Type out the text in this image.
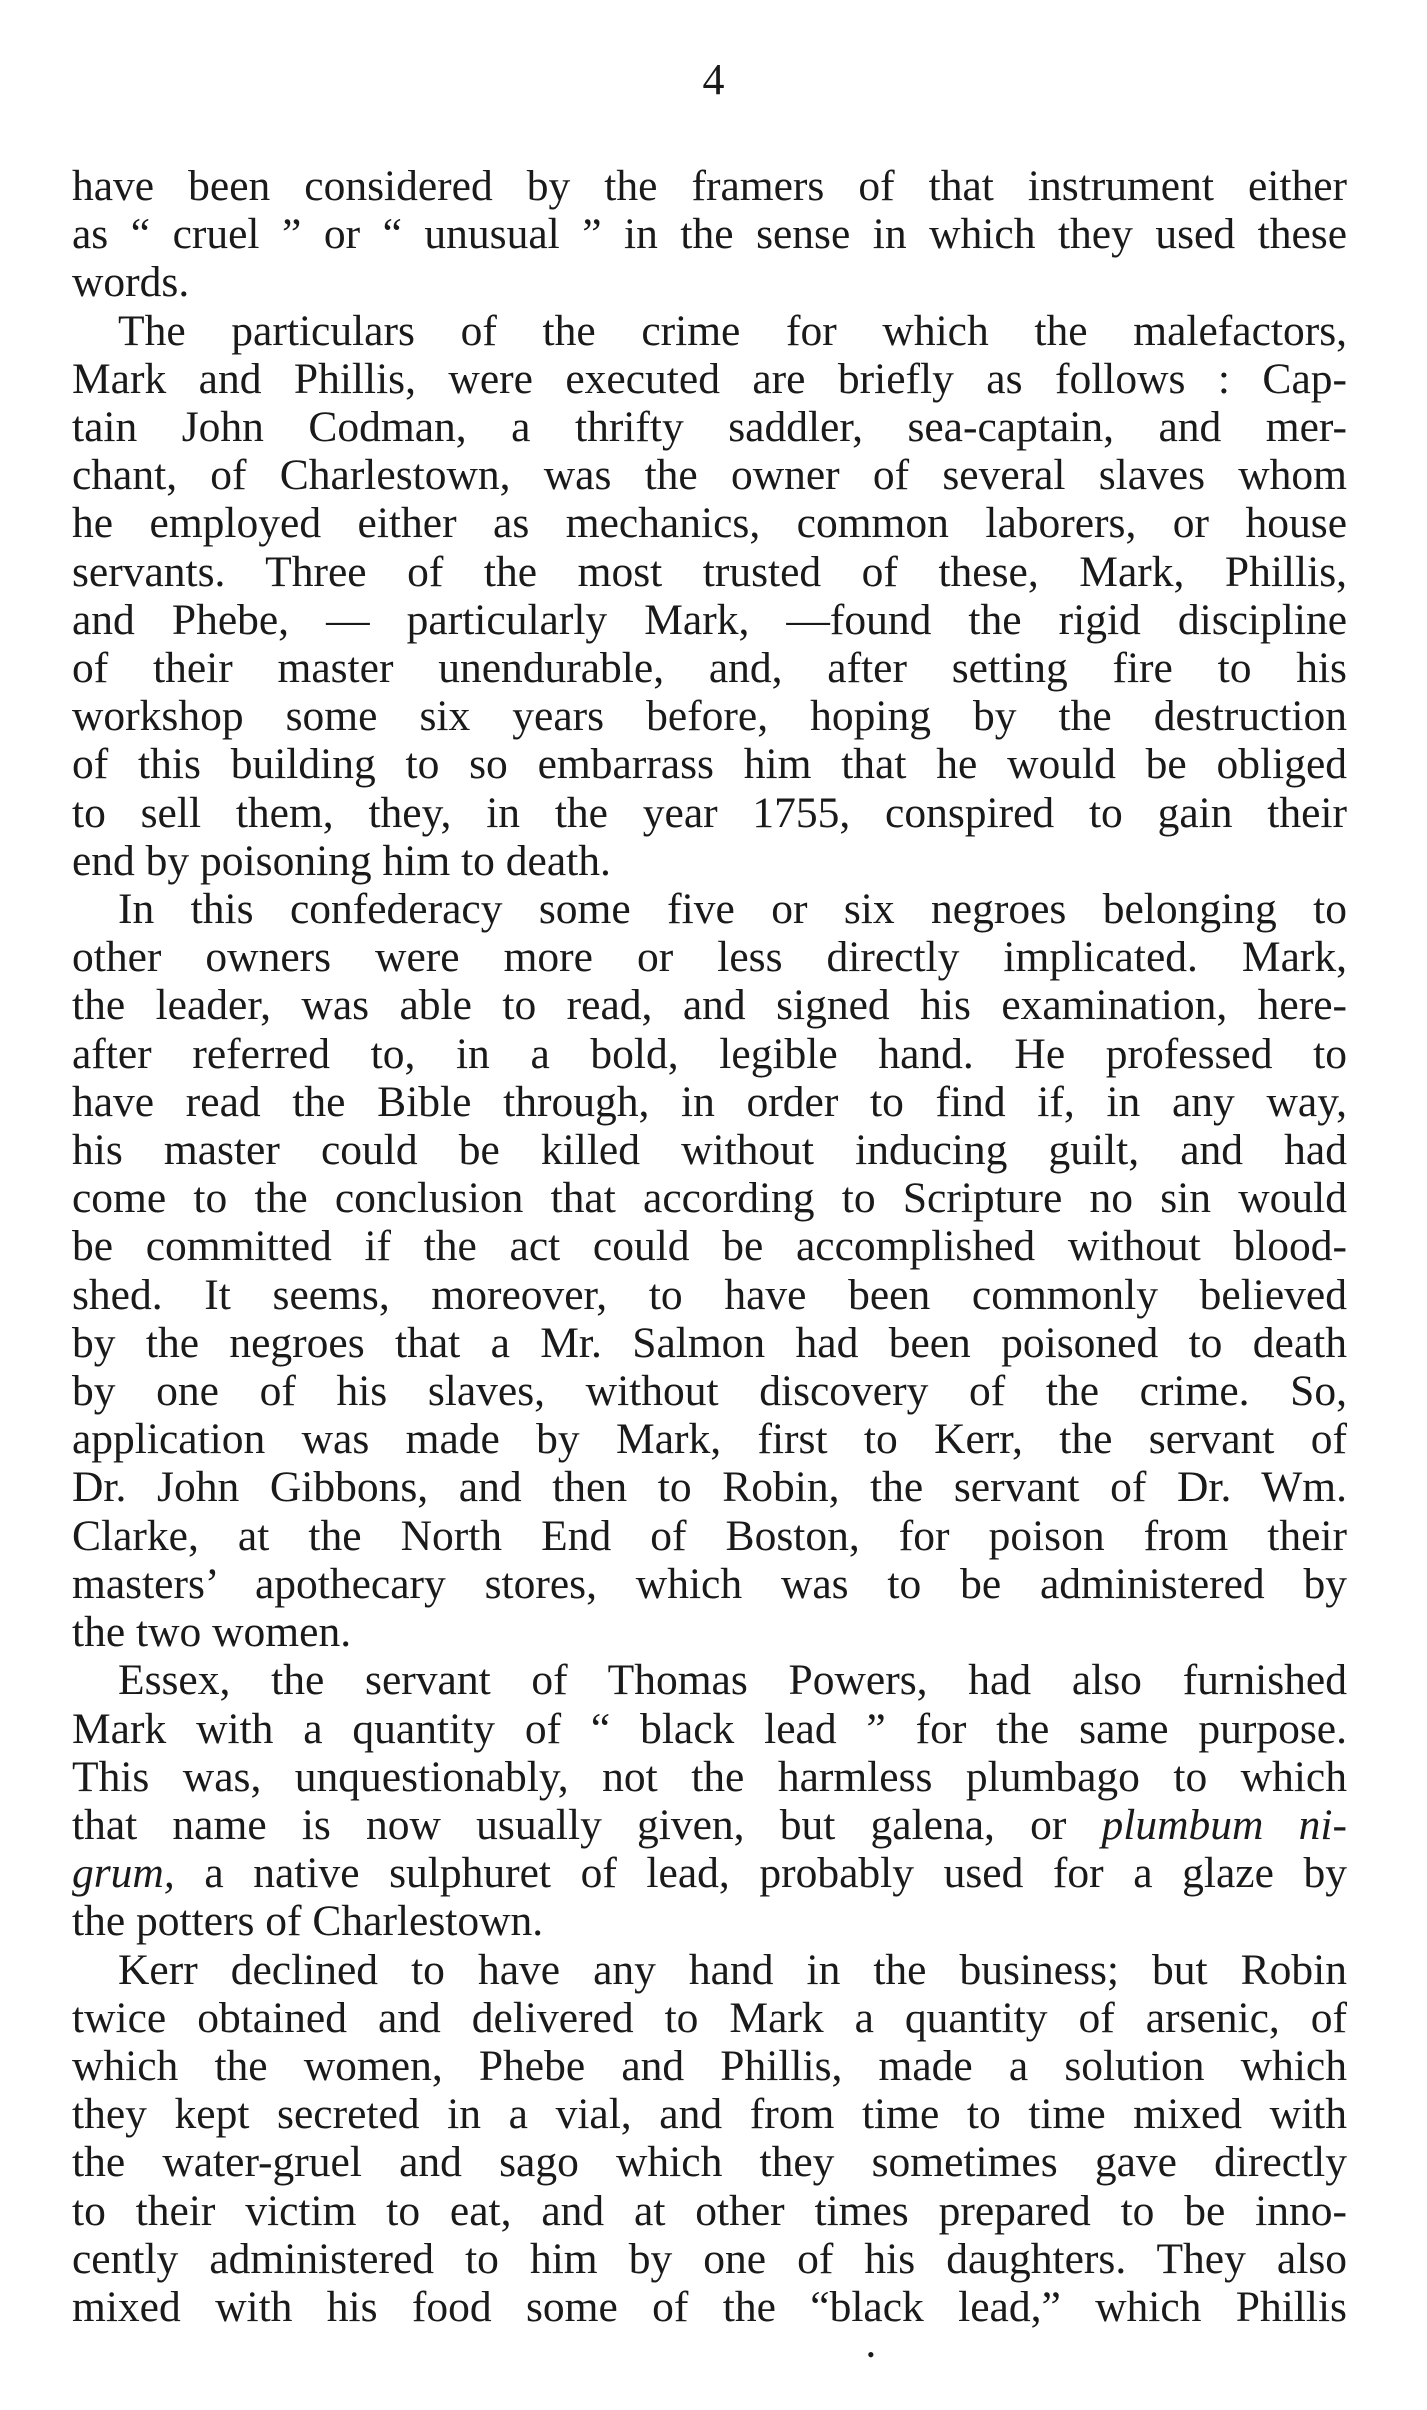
4

have been considered by the framers of that instrument either
as “ cruel ” or “ unusual ” in the sense in which they used these
words.

The particulars of the crime for which the malefactors,
Mark and Phillis, were executed are briefly as follows : Cap-
tain John Codman, a thrifty saddler, sea-captain, and mer-
chant, of Charlestown, was the owner of several slaves whom
he employed either as mechanics, common laborers, or house
servants. Three of the most trusted of these, Mark, Phillis,
and Phebe, — particularly Mark, —found the rigid discipline
of their master unendurable, and, after setting fire to his
workshop some six years before, hoping by the destruction
of this building to so embarrass him that he would be obliged
to sell them, they, in the year 1755, conspired to gain their
end by poisoning him to death.

In this confederacy some five or six negroes belonging to
other owners were more or less directly implicated. Mark,
the leader, was able to read, and signed his examination, here-
after referred to, in a bold, legible hand. He professed to
have read the Bible through, in order to find if, in any way,
his master could be killed without inducing guilt, and had
come to the conclusion that according to Scripture no sin would
be committed if the act could be accomplished without blood-
shed. It seems, moreover, to have been commonly believed
by the negroes that a Mr. Salmon had been poisoned to death
by one of his slaves, without discovery of the crime. So,
application was made by Mark, first to Kerr, the servant of
Dr. John Gibbons, and then to Robin, the servant of Dr. Wm.
Clarke, at the North End of Boston, for poison from their
masters’ apothecary stores, which was to be administered by
the two women.

Essex, the servant of Thomas Powers, had also furnished
Mark with a quantity of “ black lead ” for the same purpose.
This was, unquestionably, not the harmless plumbago to which
that name is now usually given, but galena, or plumbum ni-
grum, a native sulphuret of lead, probably used for a glaze by
the potters of Charlestown.

Kerr declined to have any hand in the business; but Robin
twice obtained and delivered to Mark a quantity of arsenic, of
which the women, Phebe and Phillis, made a solution which
they kept secreted in a vial, and from time to time mixed with
the water-gruel and sago which they sometimes gave directly
to their victim to eat, and at other times prepared to be inno-
cently administered to him by one of his daughters. They also
mixed with his food some of the “black lead,” which Phillis

•
